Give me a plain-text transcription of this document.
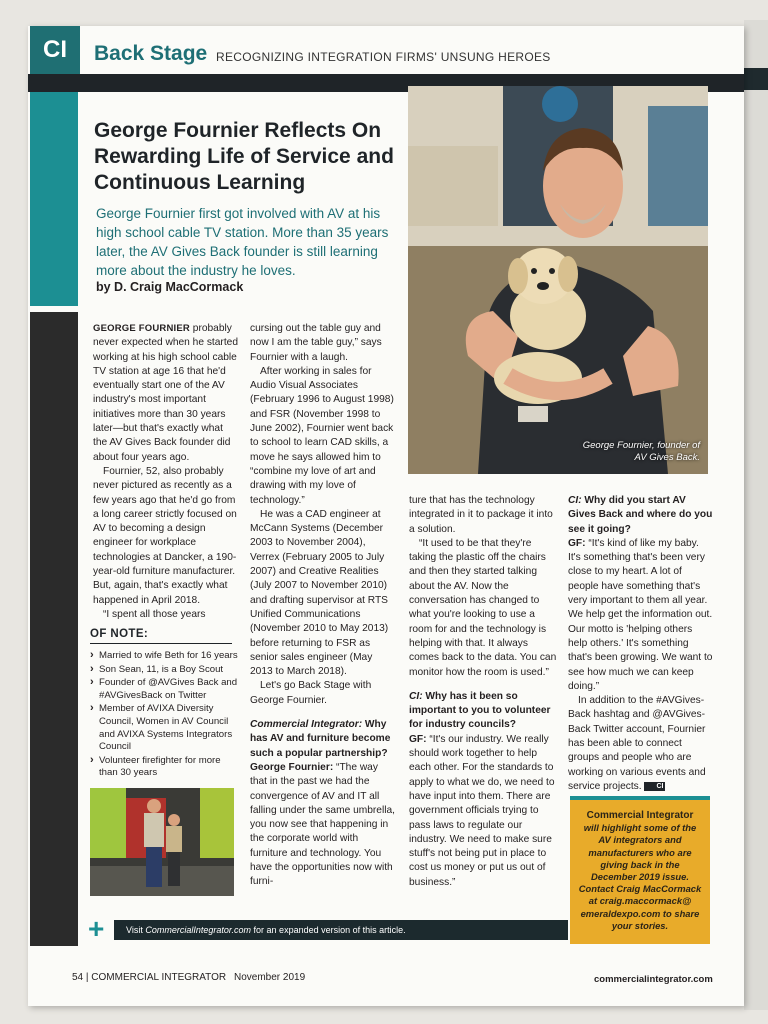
CI	Back Stage RECOGNIZING INTEGRATION FIRMS' UNSUNG HEROES
George Fournier Reflects On Rewarding Life of Service and Continuous Learning

George Fournier first got involved with AV at his high school cable TV station. More than 35 years later, the AV Gives Back founder is still learning more about the industry he loves.

by D. Craig MacCormack

George Fournier, founder of AV Gives Back.

GEORGE FOURNIER probably never expected when he started working at his high school cable TV station at age 16 that he'd eventually start one of the AV industry's most important initiatives more than 30 years later—but that's exactly what the AV Gives Back founder did about four years ago.

Fournier, 52, also probably never pictured as recently as a few years ago that he'd go from a long career strictly focused on AV to becoming a design engineer for workplace technologies at Dancker, a 190-year-old furniture manufacturer. But, again, that's exactly what happened in April 2018.

“I spent all those years

OF NOTE:
› Married to wife Beth for 16 years
› Son Sean, 11, is a Boy Scout
› Founder of @AVGives Back and #AVGivesBack on Twitter
› Member of AVIXA Diversity Council, Women in AV Council and AVIXA Systems Integrators Council
› Volunteer firefighter for more than 30 years

cursing out the table guy and now I am the table guy,” says Fournier with a laugh.

After working in sales for Audio Visual Associates (February 1996 to August 1998) and FSR (November 1998 to June 2002), Fournier went back to school to learn CAD skills, a move he says allowed him to “combine my love of art and drawing with my love of technology.”

He was a CAD engineer at McCann Systems (December 2003 to November 2004), Verrex (February 2005 to July 2007) and Creative Realities (July 2007 to November 2010) and drafting supervisor at RTS Unified Communications (November 2010 to May 2013) before returning to FSR as senior sales engineer (May 2013 to March 2018).

Let's go Back Stage with George Fournier.

Commercial Integrator: Why has AV and furniture become such a popular partnership?

George Fournier: “The way that in the past we had the convergence of AV and IT all falling under the same umbrella, you now see that happening in the corporate world with furniture and technology. You have the opportunities now with furni-

ture that has the technology integrated in it to package it into a solution.

“It used to be that they're taking the plastic off the chairs and then they started talking about the AV. Now the conversation has changed to what you're looking to use a room for and the technology is helping with that. It always comes back to the data. You can monitor how the room is used.”

CI: Why has it been so important to you to volunteer for industry councils?

GF: “It's our industry. We really should work together to help each other. For the standards to apply to what we do, we need to have input into them. There are government officials trying to pass laws to regulate our industry. We need to make sure stuff's not being put in place to cost us money or put us out of business.”

CI: Why did you start AV Gives Back and where do you see it going?

GF: “It's kind of like my baby. It's something that's been very close to my heart. A lot of people have something that's very important to them all year. We help get the information out. Our motto is 'helping others help others.' It's something that's been growing. We want to see how much we can keep doing.”

In addition to the #AVGives-Back hashtag and @AVGives-Back Twitter account, Fournier has been able to connect groups and people who are working on various events and service projects. CI

Commercial Integrator
will highlight some of the AV integrators and manufacturers who are giving back in the December 2019 issue. Contact Craig MacCormack at craig.maccormack@ emeraldexpo.com to share your stories.
+	Visit CommercialIntegrator.com for an expanded version of this article.
54 | COMMERCIAL INTEGRATOR November 2019	commercialintegrator.com
